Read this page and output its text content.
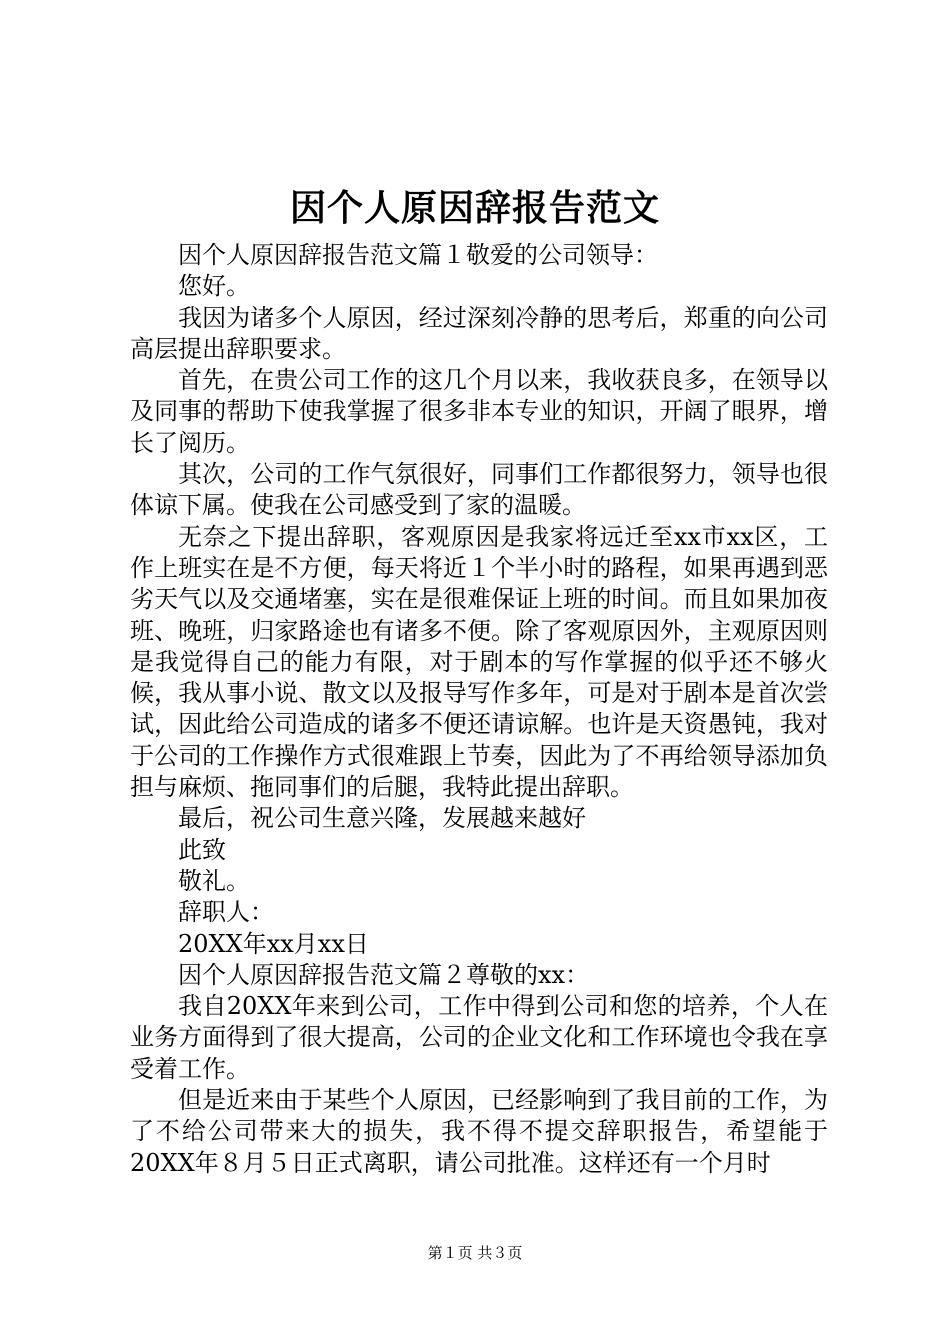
因个人原因辞报告范文

因个人原因辞报告范文篇１敬爱的公司领导：

您好。

我因为诸多个人原因，经过深刻冷静的思考后，郑重的向公司高层提出辞职要求。

首先，在贵公司工作的这几个月以来，我收获良多，在领导以及同事的帮助下使我掌握了很多非本专业的知识，开阔了眼界，增长了阅历。

其次，公司的工作气氛很好，同事们工作都很努力，领导也很体谅下属。使我在公司感受到了家的温暖。

无奈之下提出辞职，客观原因是我家将远迁至xx市xx区，工作上班实在是不方便，每天将近１个半小时的路程，如果再遇到恶劣天气以及交通堵塞，实在是很难保证上班的时间。而且如果加夜班、晚班，归家路途也有诸多不便。除了客观原因外，主观原因则是我觉得自己的能力有限，对于剧本的写作掌握的似乎还不够火候，我从事小说、散文以及报导写作多年，可是对于剧本是首次尝试，因此给公司造成的诸多不便还请谅解。也许是天资愚钝，我对于公司的工作操作方式很难跟上节奏，因此为了不再给领导添加负担与麻烦、拖同事们的后腿，我特此提出辞职。

最后，祝公司生意兴隆，发展越来越好

此致

敬礼。

辞职人：

20XX年xx月xx日

因个人原因辞报告范文篇２尊敬的xx：

我自20XX年来到公司，工作中得到公司和您的培养，个人在业务方面得到了很大提高，公司的企业文化和工作环境也令我在享受着工作。

但是近来由于某些个人原因，已经影响到了我目前的工作，为了不给公司带来大的损失，我不得不提交辞职报告，希望能于20XX年８月５日正式离职，请公司批准。这样还有一个月时

第１页 共３页
